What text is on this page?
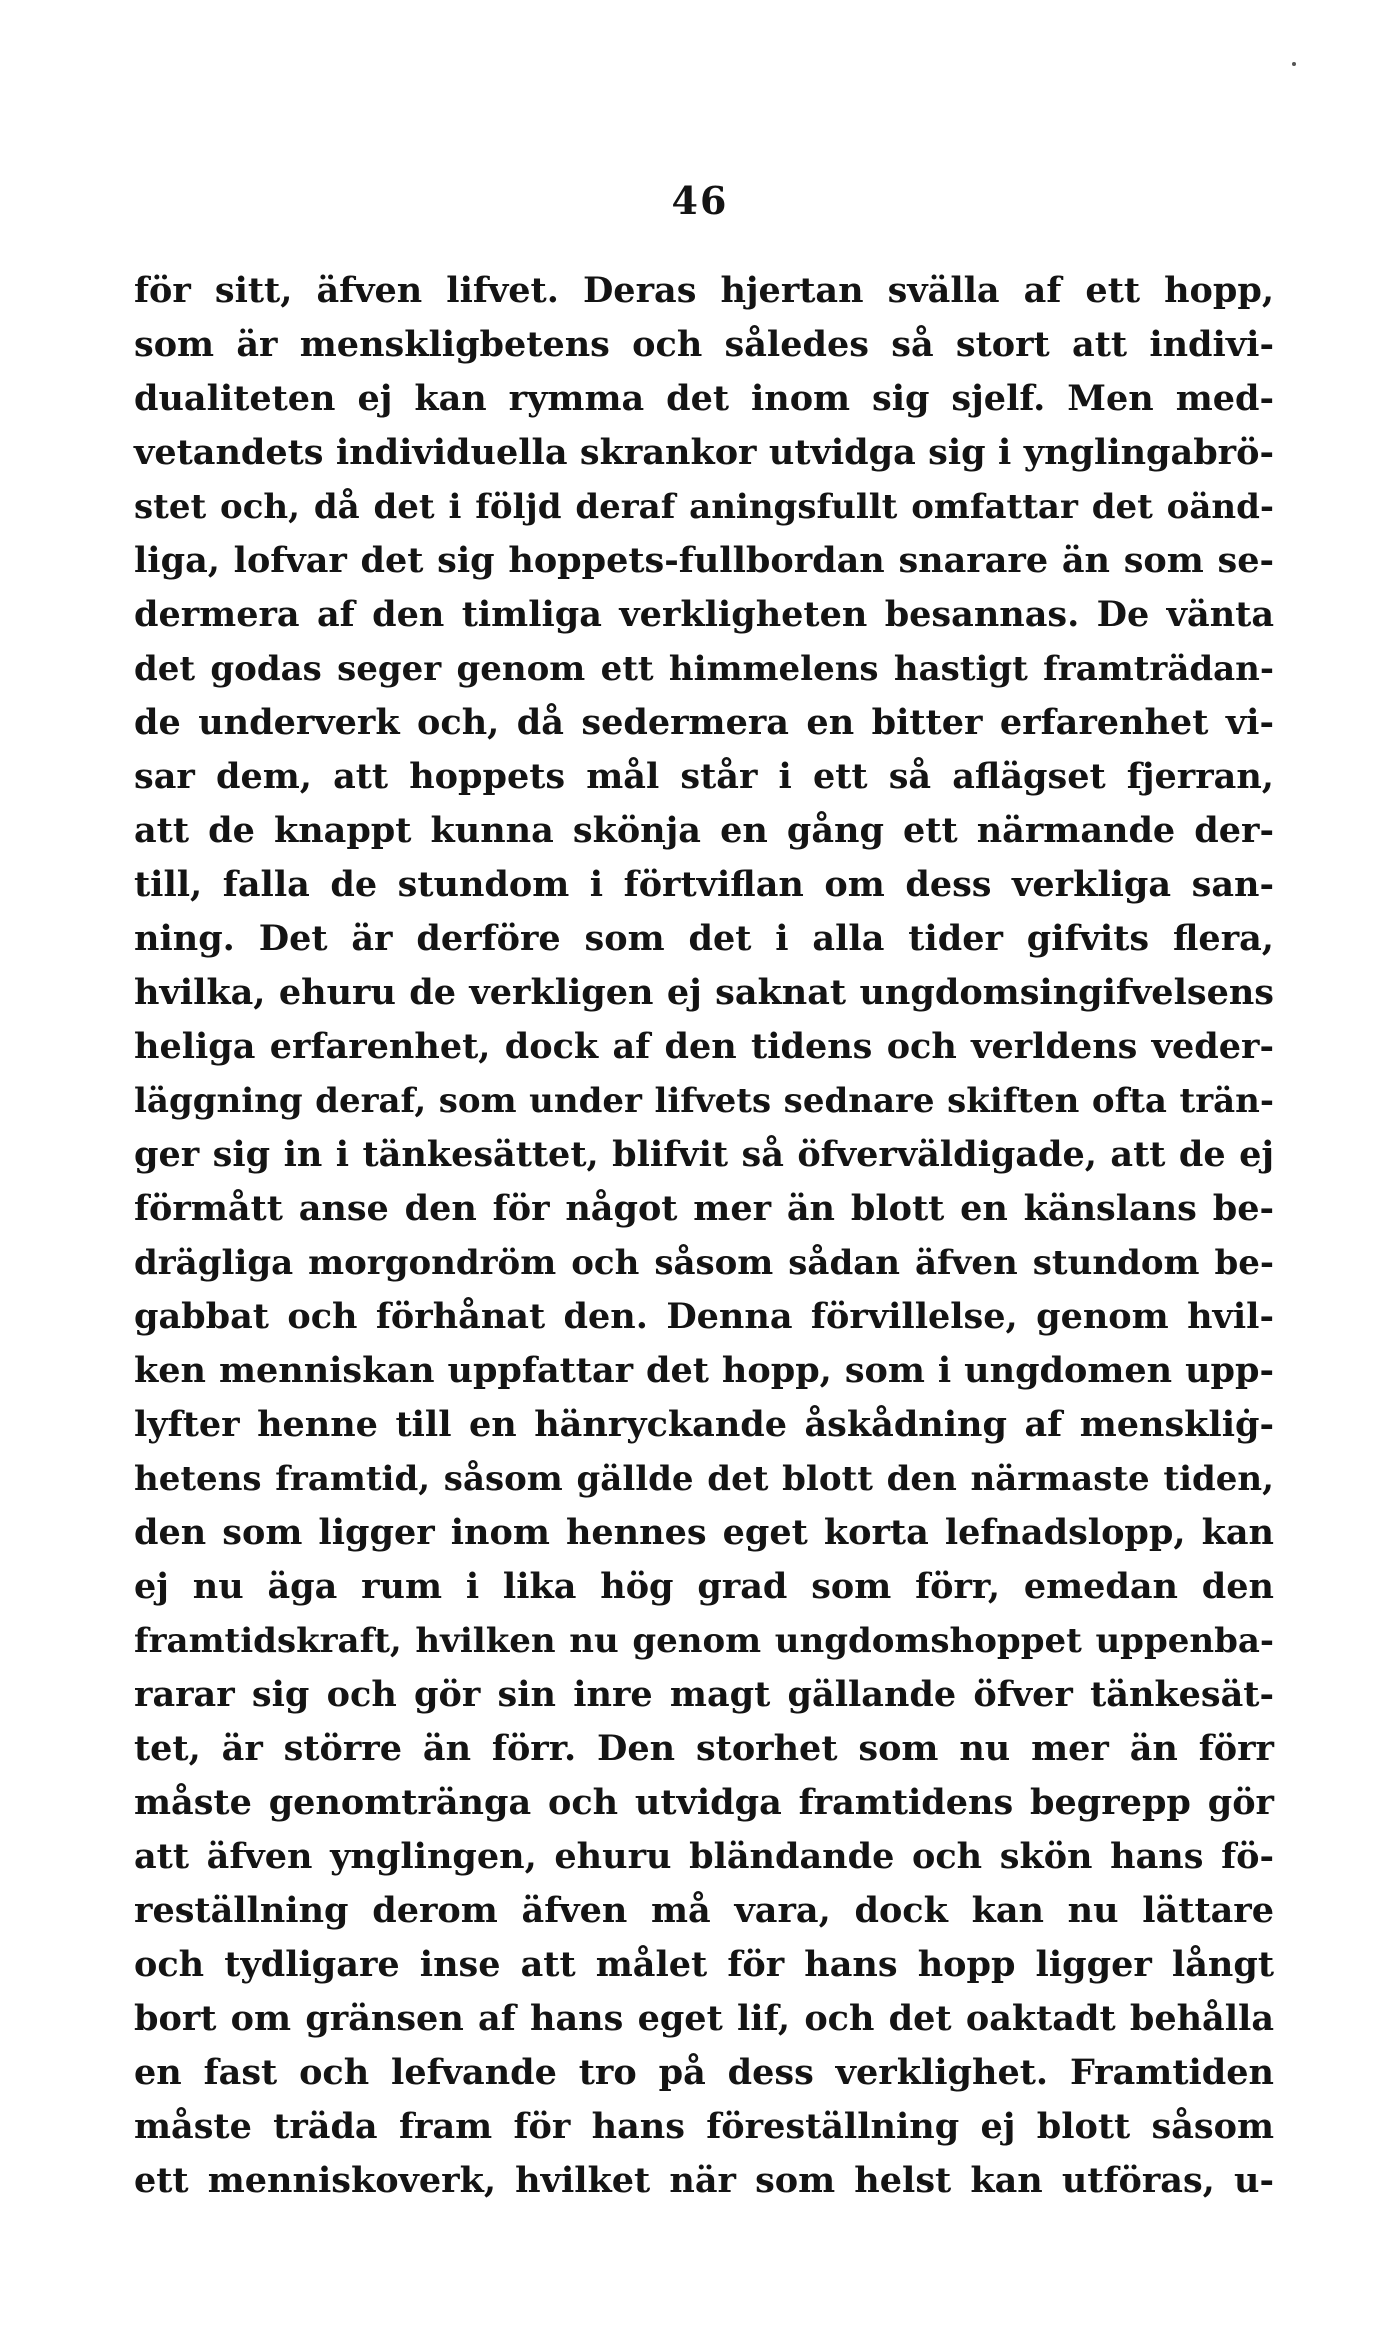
46
för sitt, äfven lifvet. Deras hjertan svälla af ett hopp,
som är menskligbetens och således så stort att indivi-
dualiteten ej kan rymma det inom sig sjelf. Men med-
vetandets individuella skrankor utvidga sig i ynglingabrö-
stet och, då det i följd deraf aningsfullt omfattar det oänd-
liga, lofvar det sig hoppets-fullbordan snarare än som se-
dermera af den timliga verkligheten besannas. De vänta
det godas seger genom ett himmelens hastigt framträdan-
de underverk och, då sedermera en bitter erfarenhet vi-
sar dem, att hoppets mål står i ett så aflägset fjerran,
att de knappt kunna skönja en gång ett närmande der-
till, falla de stundom i förtviflan om dess verkliga san-
ning. Det är derföre som det i alla tider gifvits flera,
hvilka, ehuru de verkligen ej saknat ungdomsingifvelsens
heliga erfarenhet, dock af den tidens och verldens veder-
läggning deraf, som under lifvets sednare skiften ofta trän-
ger sig in i tänkesättet, blifvit så öfverväldigade, att de ej
förmått anse den för något mer än blott en känslans be-
drägliga morgondröm och såsom sådan äfven stundom be-
gabbat och förhånat den. Denna förvillelse, genom hvil-
ken menniskan uppfattar det hopp, som i ungdomen upp-
lyfter henne till en hänryckande åskådning af menskliġ-
hetens framtid, såsom gällde det blott den närmaste tiden,
den som ligger inom hennes eget korta lefnadslopp, kan
ej nu äga rum i lika hög grad som förr, emedan den
framtidskraft, hvilken nu genom ungdomshoppet uppenba-
rarar sig och gör sin inre magt gällande öfver tänkesät-
tet, är större än förr. Den storhet som nu mer än förr
måste genomtränga och utvidga framtidens begrepp gör
att äfven ynglingen, ehuru bländande och skön hans fö-
reställning derom äfven må vara, dock kan nu lättare
och tydligare inse att målet för hans hopp ligger långt
bort om gränsen af hans eget lif, och det oaktadt behålla
en fast och lefvande tro på dess verklighet. Framtiden
måste träda fram för hans föreställning ej blott såsom
ett menniskoverk, hvilket när som helst kan utföras, u-
